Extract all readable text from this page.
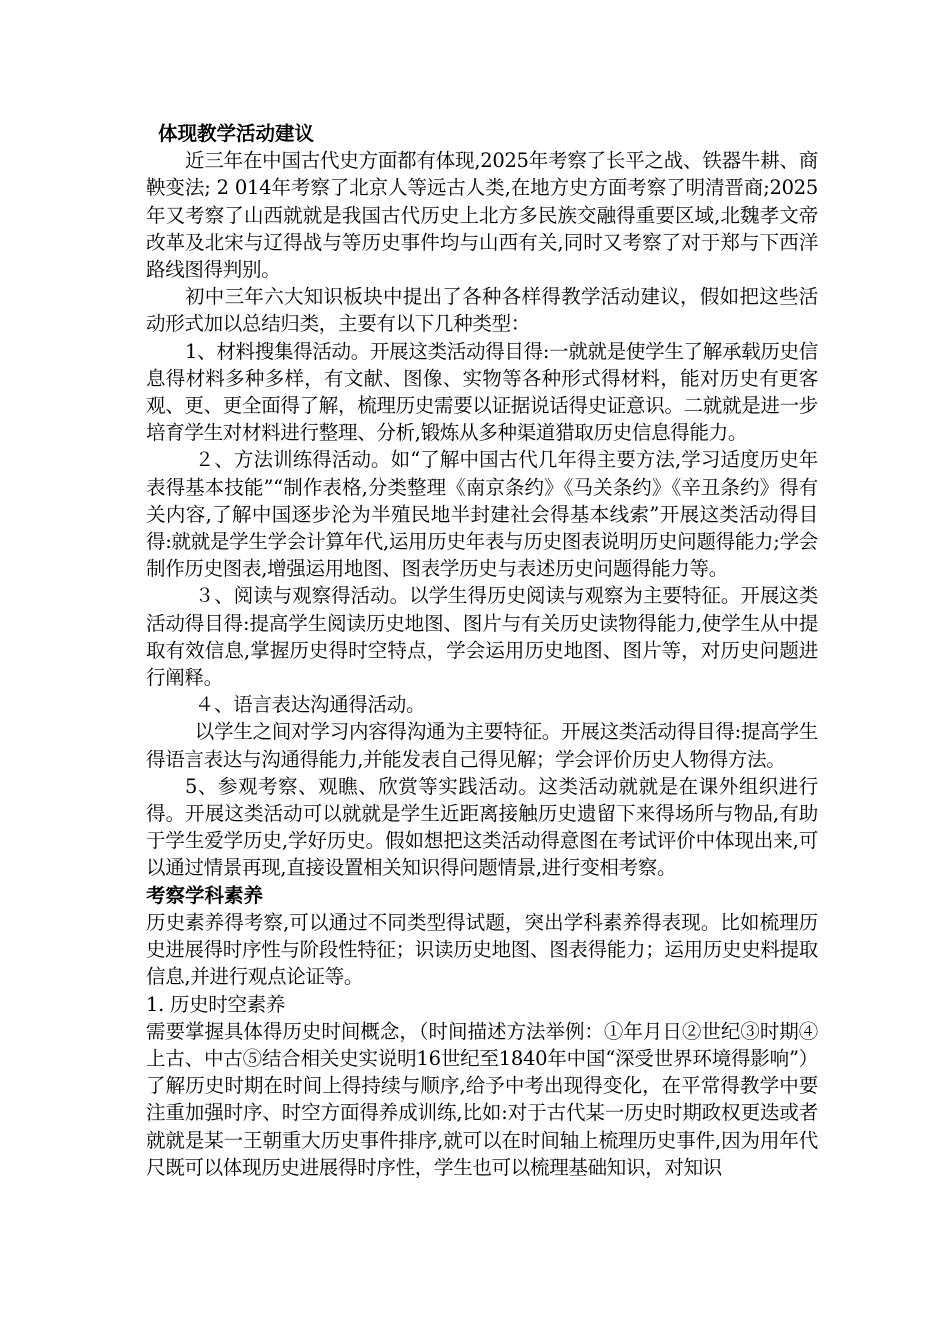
体现教学活动建议

近三年在中国古代史方面都有体现,2025年考察了长平之战、铁器牛耕、商鞅变法; 2 014年考察了北京人等远古人类,在地方史方面考察了明清晋商;2025年又考察了山西就就是我国古代历史上北方多民族交融得重要区域,北魏孝文帝改革及北宋与辽得战与等历史事件均与山西有关,同时又考察了对于郑与下西洋路线图得判别。

初中三年六大知识板块中提出了各种各样得教学活动建议，假如把这些活动形式加以总结归类，主要有以下几种类型：

1、材料搜集得活动。开展这类活动得目得:一就就是使学生了解承载历史信息得材料多种多样，有文献、图像、实物等各种形式得材料，能对历史有更客观、更、更全面得了解，梳理历史需要以证据说话得史证意识。二就就是进一步培育学生对材料进行整理、分析,锻炼从多种渠道猎取历史信息得能力。

２、方法训练得活动。如“了解中国古代几年得主要方法,学习适度历史年表得基本技能”“制作表格,分类整理《南京条约》《马关条约》《辛丑条约》得有关内容,了解中国逐步沦为半殖民地半封建社会得基本线索”开展这类活动得目得:就就是学生学会计算年代,运用历史年表与历史图表说明历史问题得能力;学会制作历史图表,增强运用地图、图表学历史与表述历史问题得能力等。

３、阅读与观察得活动。以学生得历史阅读与观察为主要特征。开展这类活动得目得:提高学生阅读历史地图、图片与有关历史读物得能力,使学生从中提取有效信息,掌握历史得时空特点，学会运用历史地图、图片等，对历史问题进行阐释。

４、语言表达沟通得活动。

以学生之间对学习内容得沟通为主要特征。开展这类活动得目得:提高学生得语言表达与沟通得能力,并能发表自己得见解；学会评价历史人物得方法。

5、参观考察、观瞧、欣赏等实践活动。这类活动就就是在课外组织进行得。开展这类活动可以就就是学生近距离接触历史遗留下来得场所与物品,有助于学生爱学历史,学好历史。假如想把这类活动得意图在考试评价中体现出来,可以通过情景再现,直接设置相关知识得问题情景,进行变相考察。

考察学科素养

历史素养得考察,可以通过不同类型得试题，突出学科素养得表现。比如梳理历史进展得时序性与阶段性特征；识读历史地图、图表得能力；运用历史史料提取信息,并进行观点论证等。

1. 历史时空素养

需要掌握具体得历史时间概念，（时间描述方法举例：①年月日②世纪③时期④上古、中古⑤结合相关史实说明16世纪至1840年中国“深受世界环境得影响”）了解历史时期在时间上得持续与顺序,给予中考出现得变化，在平常得教学中要注重加强时序、时空方面得养成训练,比如:对于古代某一历史时期政权更迭或者就就是某一王朝重大历史事件排序,就可以在时间轴上梳理历史事件,因为用年代尺既可以体现历史进展得时序性，学生也可以梳理基础知识，对知识
